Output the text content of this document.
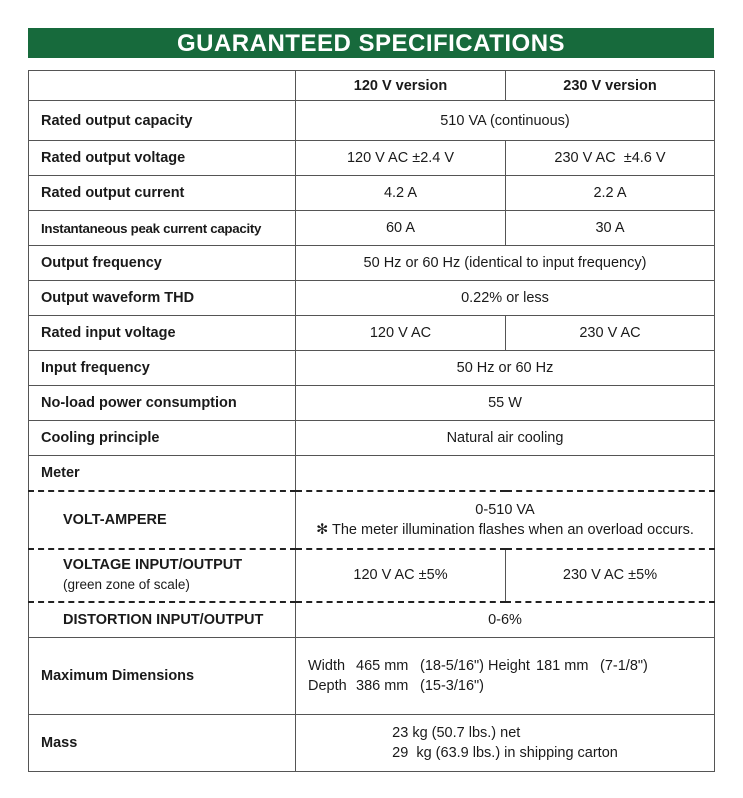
GUARANTEED SPECIFICATIONS
	120 V version	230 V version
Rated output capacity	510 VA (continuous)	
Rated output voltage	120 V AC ±2.4 V	230 V AC  ±4.6 V
Rated output current	4.2 A	2.2 A
Instantaneous peak current capacity	60 A	30 A
Output frequency	50 Hz or 60 Hz (identical to input frequency)	
Output waveform THD	0.22% or less	
Rated input voltage	120 V AC	230 V AC
Input frequency	50 Hz or 60 Hz	
No-load power consumption	55 W	
Cooling principle	Natural air cooling	
Meter		
VOLT-AMPERE	0-510 VA
✻ The meter illumination flashes when an overload occurs.	

VOLTAGE INPUT/OUTPUT
(green zone of scale)	120 V AC ±5%	230 V AC ±5%
DISTORTION INPUT/OUTPUT	0-6%	
Maximum Dimensions	Width 465 mm (18-5/16") Height 181 mm (7-1/8") Depth 386 mm (15-3/16")	
Mass	23 kg (50.7 lbs.) net
29  kg (63.9 lbs.) in shipping carton	
